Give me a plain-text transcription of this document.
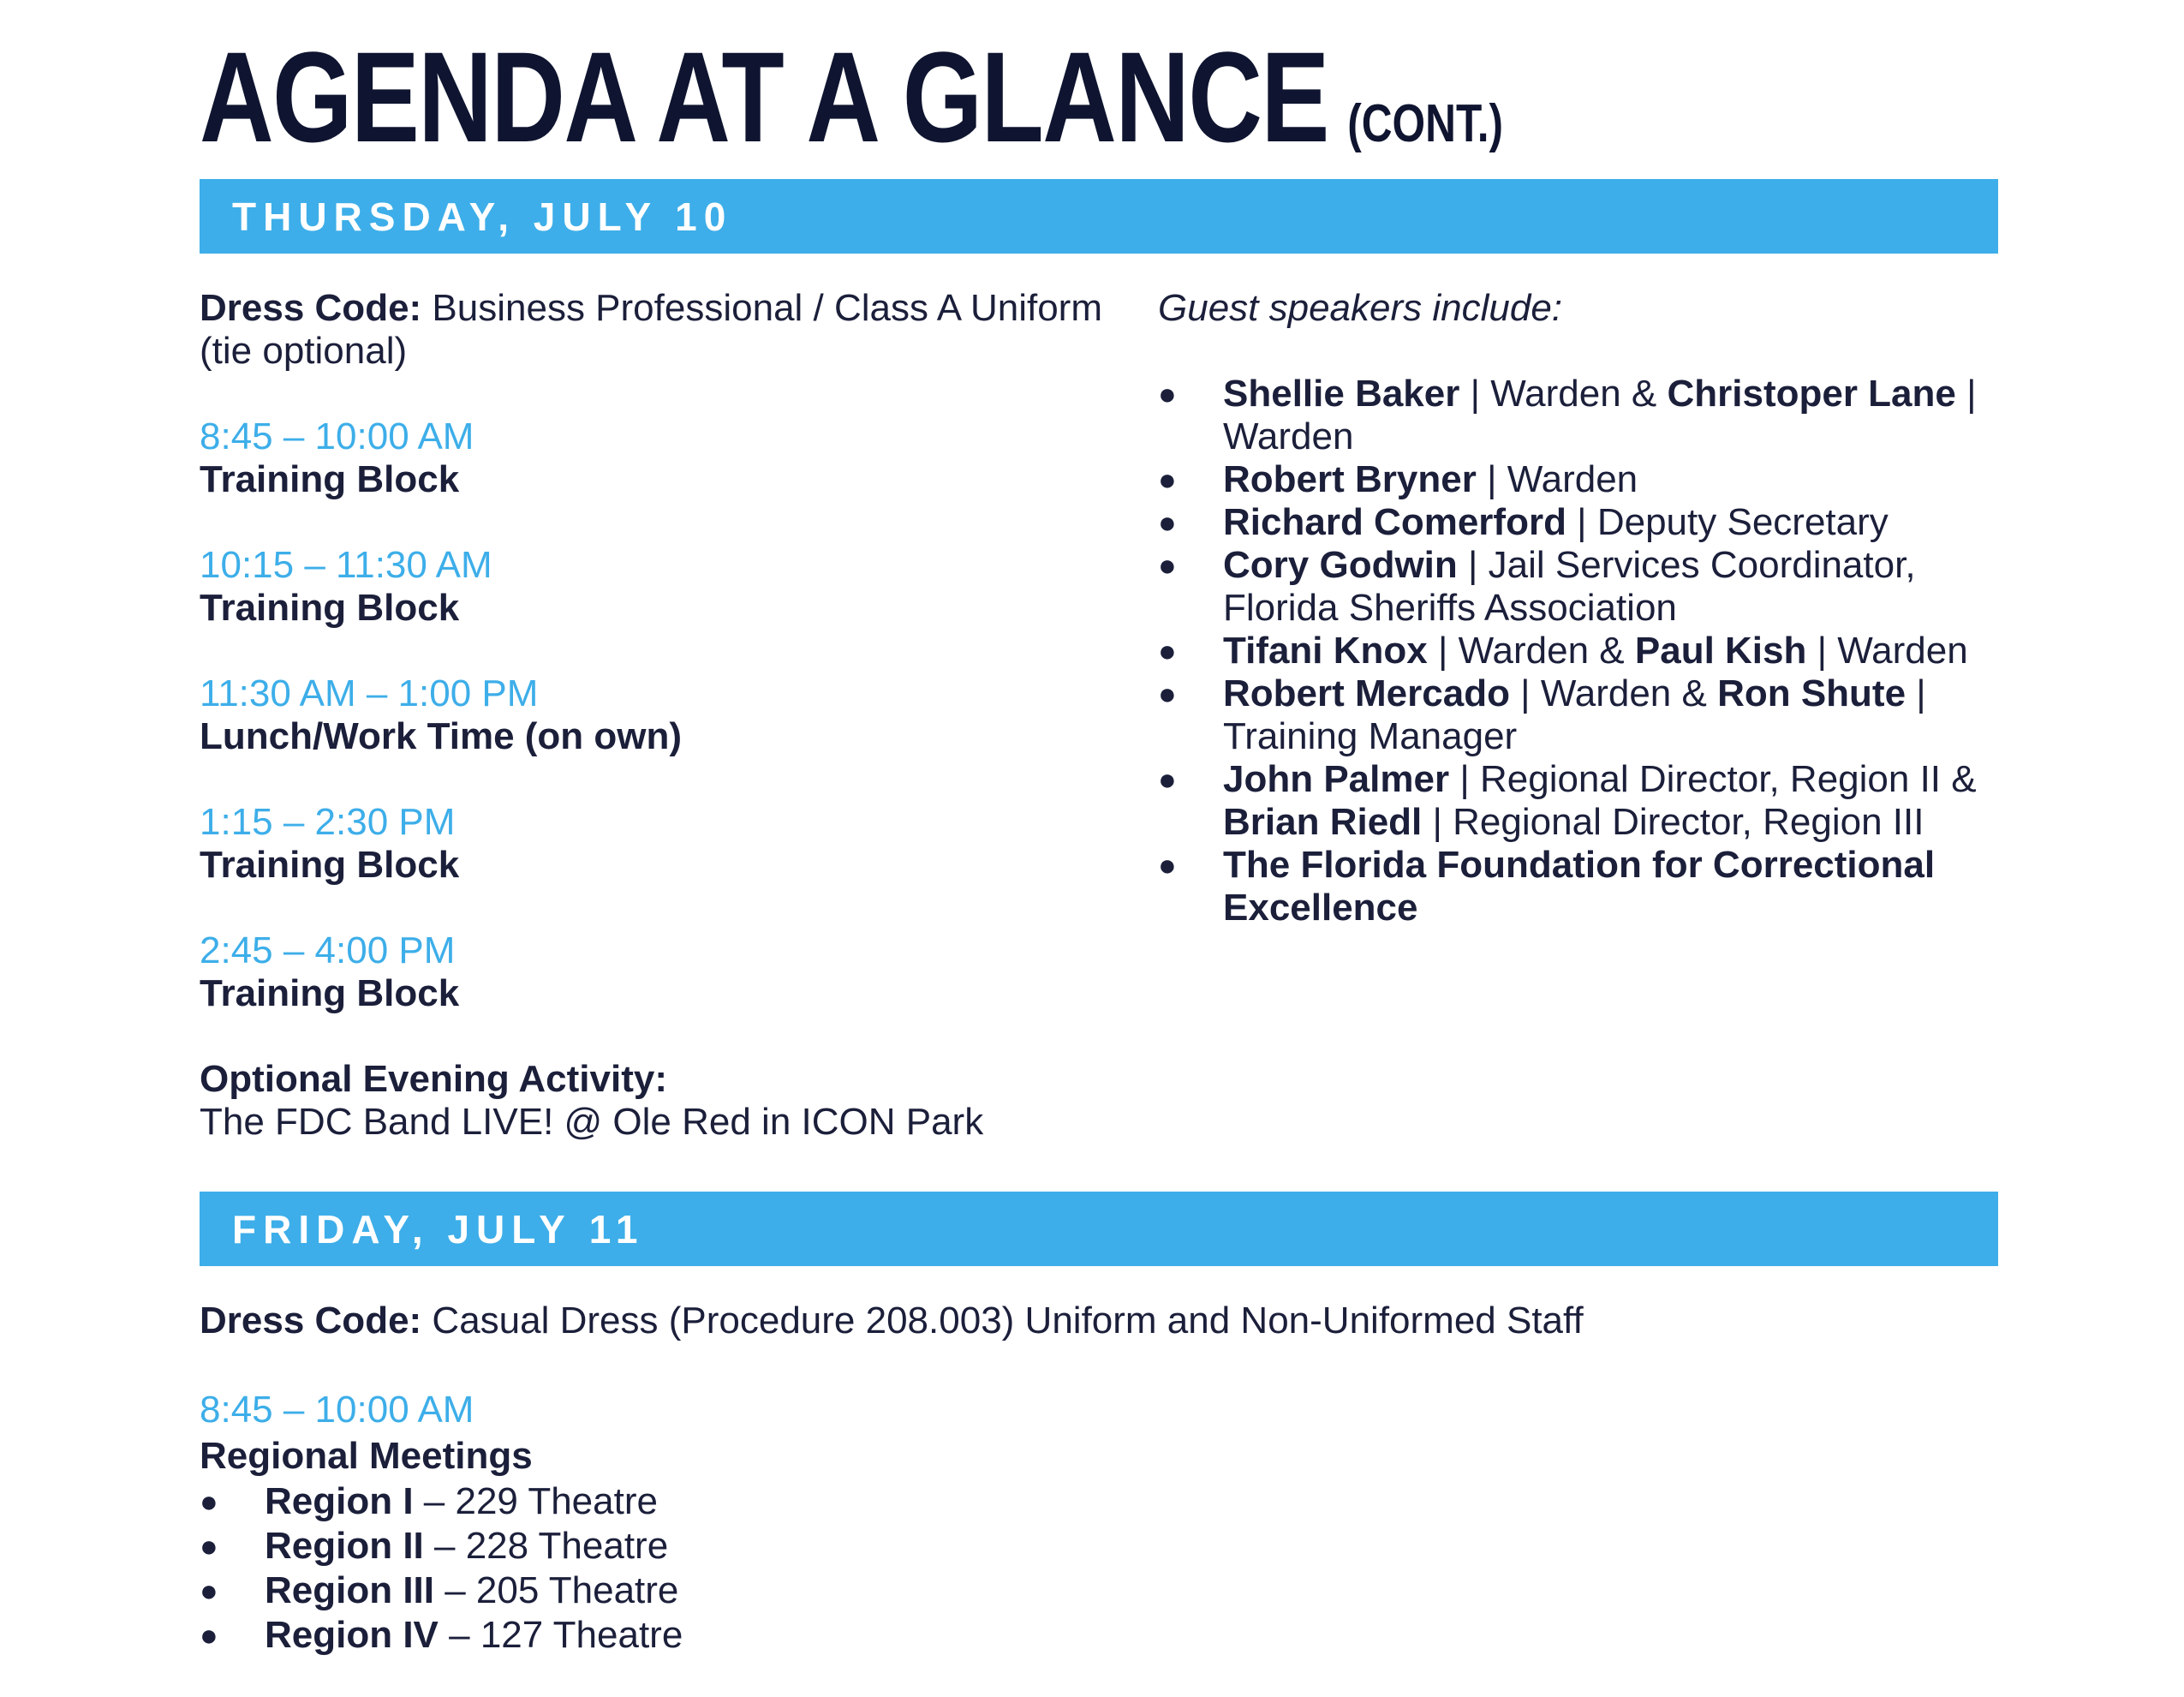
AGENDA AT A GLANCE (CONT.)
THURSDAY, JULY 10
Dress Code: Business Professional / Class A Uniform (tie optional)
8:45 – 10:00 AM
Training Block
10:15 – 11:30 AM
Training Block
11:30 AM – 1:00 PM
Lunch/Work Time (on own)
1:15 – 2:30 PM
Training Block
2:45 – 4:00 PM
Training Block
Optional Evening Activity:
The FDC Band LIVE! @ Ole Red in ICON Park
Guest speakers include:
● Shellie Baker | Warden & Christoper Lane | Warden
● Robert Bryner | Warden
● Richard Comerford | Deputy Secretary
● Cory Godwin | Jail Services Coordinator, Florida Sheriffs Association
● Tifani Knox | Warden & Paul Kish | Warden
● Robert Mercado | Warden & Ron Shute | Training Manager
● John Palmer | Regional Director, Region II & Brian Riedl | Regional Director, Region III
● The Florida Foundation for Correctional Excellence
FRIDAY, JULY 11
Dress Code: Casual Dress (Procedure 208.003) Uniform and Non-Uniformed Staff
8:45 – 10:00 AM
Regional Meetings
● Region I – 229 Theatre
● Region II – 228 Theatre
● Region III – 205 Theatre
● Region IV – 127 Theatre
